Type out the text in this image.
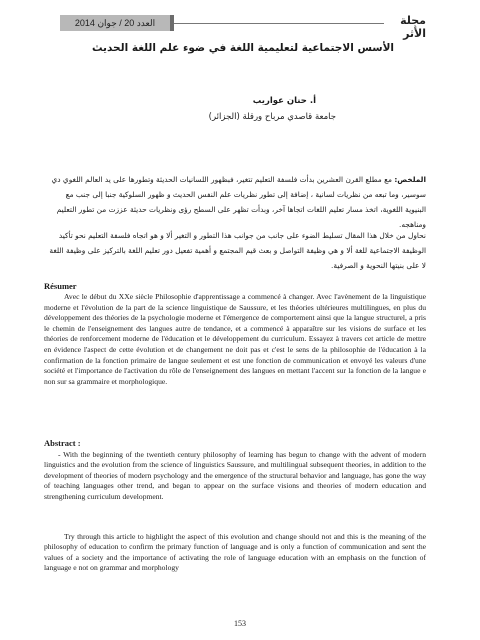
العدد 20 / جوان 2014	مجلة الأثر
الأسس الاجتماعية لتعليمية اللغة في ضوء علم اللغة الحديث
أ. حنان عواريب
جامعة قاصدي مرباح ورقلة (الجزائر)
الملخص: مع مطلع القرن العشرين بدأت فلسفة التعليم تتغير، فبظهور اللسانيات الحديثة وتطورها على يد العالم اللغوي دي سوسير، وما تبعه من نظريات لسانية ، إضافة إلى تطور نظريات علم النفس الحديث و ظهور السلوكية جنبا إلى جنب مع البنيوية اللغوية، اتخذ مسار تعليم اللغات اتجاها آخر، وبدأت تظهر على السطح رؤى ونظريات حديثة عززت من تطور التعليم ومناهجه.
نحاول من خلال هذا المقال تسليط الضوء على جانب من جوانب هذا التطور و التغير ألا و هو اتجاه فلسفة التعليم نحو تأكيد الوظيفة الاجتماعية للغة ألا و هي وظيفة التواصل و بعث قيم المجتمع و أهمية تفعيل دور تعليم اللغة بالتركيز على وظيفة اللغة لا على بنيتها النحوية و الصرفية.
Résumer
Avec le début du XXe siècle Philosophie d'apprentissage a commencé à changer. Avec l'avènement de la linguistique moderne et l'évolution de la part de la science linguistique de Saussure, et les théories ultérieures multilingues, en plus du développement des théories de la psychologie moderne et l'émergence de comportement ainsi que la langue structurel, a pris le chemin de l'enseignement des langues autre de tendance, et a commencé à apparaître sur les visions de surface et les théories de renforcement moderne de l'éducation et le développement du curriculum. Essayez à travers cet article de mettre en évidence l'aspect de cette évolution et de changement ne doit pas et c'est le sens de la philosophie de l'éducation à la confirmation de la fonction primaire de langue seulement et est une fonction de communication et envoyé les valeurs d'une société et l'importance de l'activation du rôle de l'enseignement des langues en mettant l'accent sur la fonction de la langue e non sur sa grammaire et morphologique.
Abstract :
- With the beginning of the twentieth century philosophy of learning has begun to change with the advent of modern linguistics and the evolution from the science of linguistics Saussure, and multilingual subsequent theories, in addition to the development of theories of modern psychology and the emergence of the structural behavior and language, has gone the way of teaching languages other trend, and began to appear on the surface visions and theories of modern education and strengthening curriculum development.
Try through this article to highlight the aspect of this evolution and change should not and this is the meaning of the philosophy of education to confirm the primary function of language and is only a function of communication and sent the values of a society and the importance of activating the role of language education with an emphasis on the function of language e not on grammar and morphology
153
